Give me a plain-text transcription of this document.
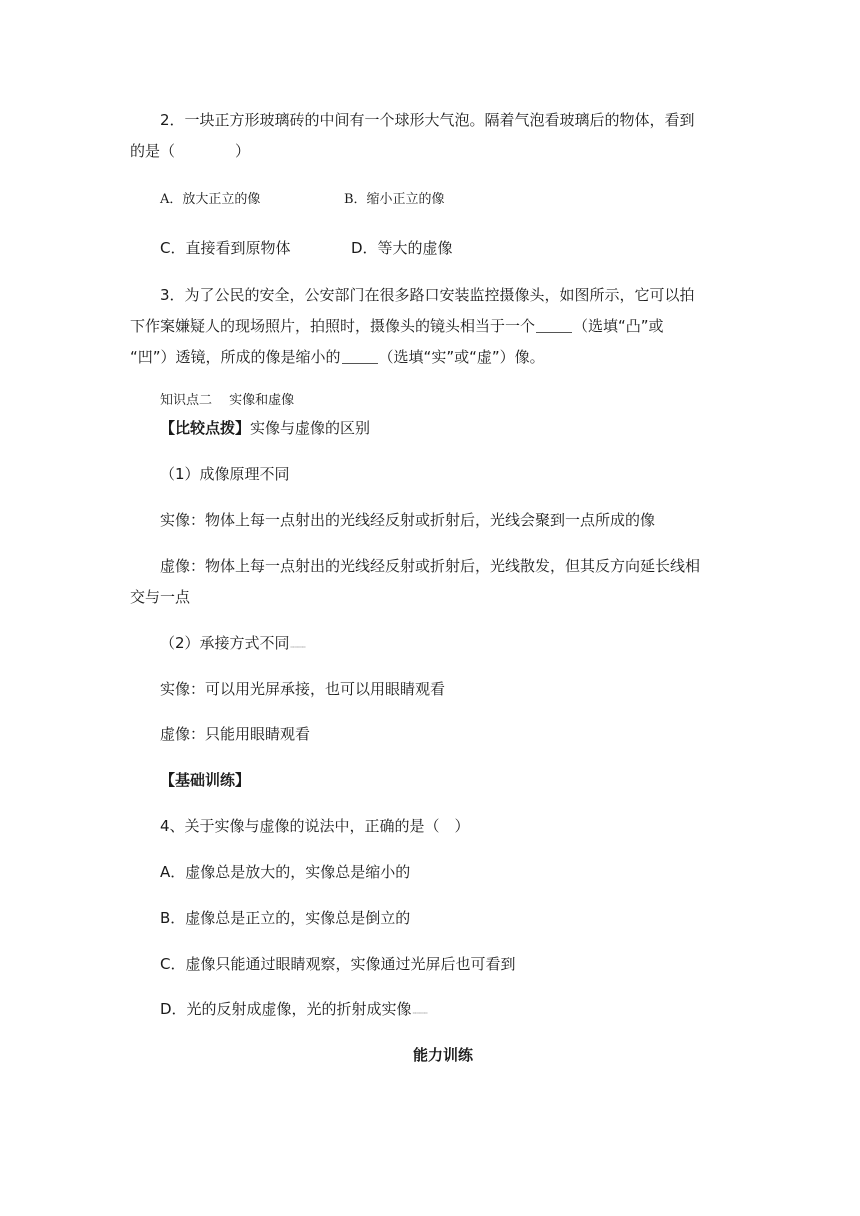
2．一块正方形玻璃砖的中间有一个球形大气泡。隔着气泡看玻璃后的物体，看到
的是（　　　　）
A．放大正立的像	B．缩小正立的像
C．直接看到原物体	D．等大的虚像
3．为了公民的安全，公安部门在很多路口安装监控摄像头，如图所示，它可以拍
下作案嫌疑人的现场照片，拍照时，摄像头的镜头相当于一个	（选填“凸”或
“凹”）透镜，所成的像是缩小的	（选填“实”或“虚”）像。
知识点二　 实像和虚像
【比较点拨】实像与虚像的区别
（1）成像原理不同
实像：物体上每一点射出的光线经反射或折射后，光线会聚到一点所成的像
虚像：物体上每一点射出的光线经反射或折射后，光线散发，但其反方向延长线相
交与一点
（2）承接方式不同▭▭▭▭
实像：可以用光屏承接，也可以用眼睛观看
虚像：只能用眼睛观看
【基础训练】
4、关于实像与虚像的说法中，正确的是（　）
A．虚像总是放大的，实像总是缩小的
B．虚像总是正立的，实像总是倒立的
C．虚像只能通过眼睛观察，实像通过光屏后也可看到
D．光的反射成虚像，光的折射成实像▭▭▭▭
能力训练
